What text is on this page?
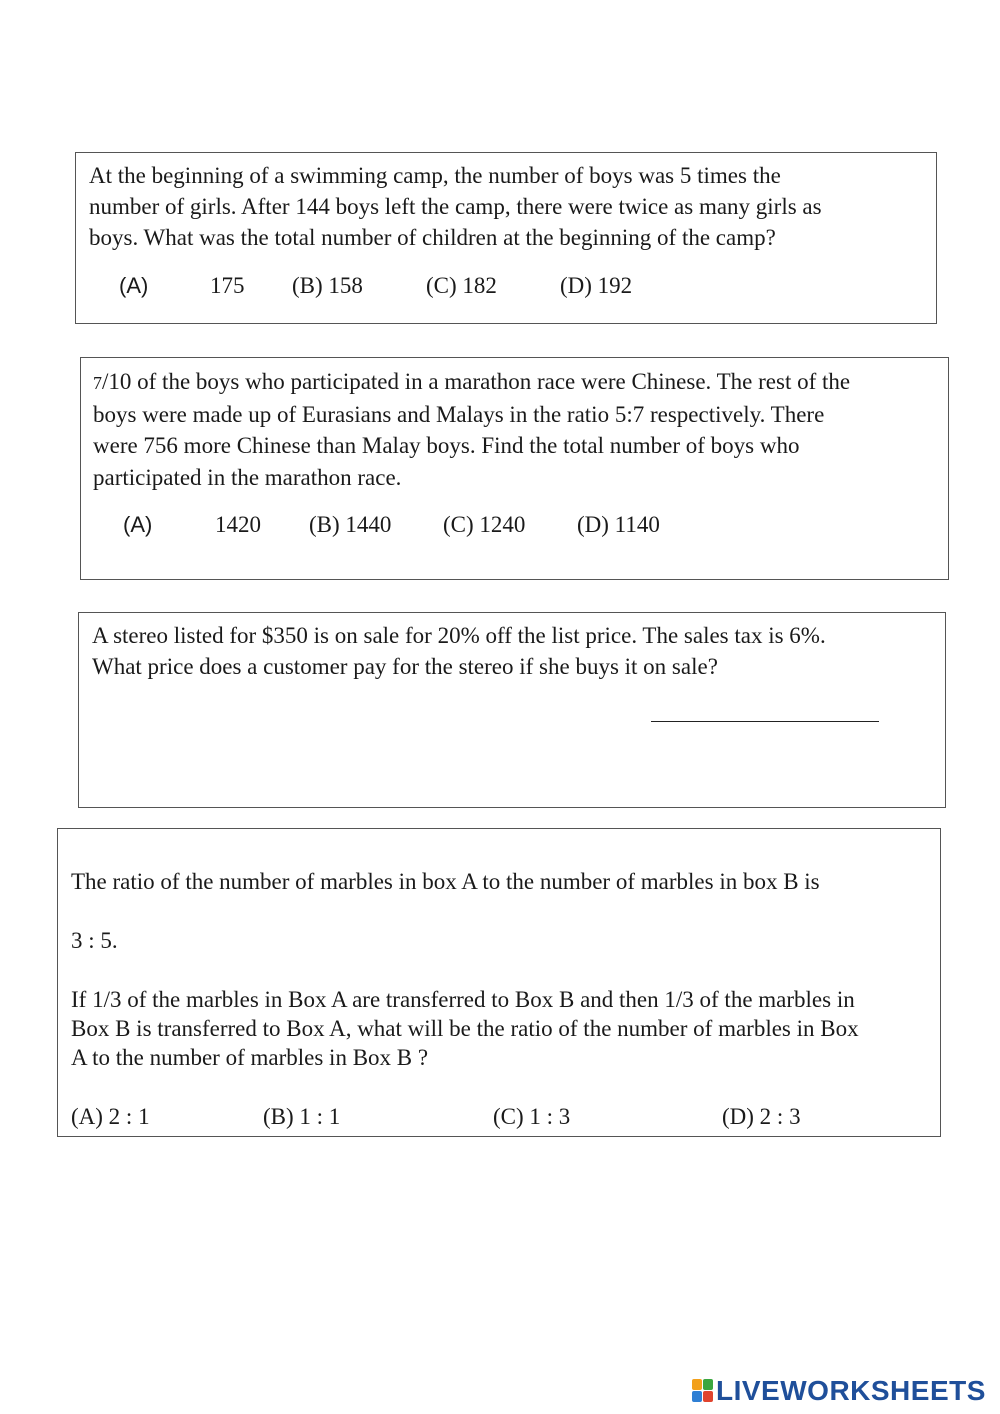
At the beginning of a swimming camp, the number of boys was 5 times the
number of girls. After 144 boys left the camp, there were twice as many girls as
boys. What was the total number of children at the beginning of the camp?
(A)	175 (B) 158	(C) 182	(D) 192
7/10 of the boys who participated in a marathon race were Chinese. The rest of the
boys were made up of Eurasians and Malays in the ratio 5:7 respectively. There
were 756 more Chinese than Malay boys. Find the total number of boys who
participated in the marathon race.
(A)	1420 (B) 1440 (C) 1240 (D) 1140
A stereo listed for $350 is on sale for 20% off the list price. The sales tax is 6%.
What price does a customer pay for the stereo if she buys it on sale?
The ratio of the number of marbles in box A to the number of marbles in box B is
3 : 5.
If 1/3 of the marbles in Box A are transferred to Box B and then 1/3 of the marbles in
Box B is transferred to Box A, what will be the ratio of the number of marbles in Box
A to the number of marbles in Box B ?
(A) 2 : 1	(B) 1 : 1	(C) 1 : 3	(D) 2 : 3
LIVEWORKSHEETS
